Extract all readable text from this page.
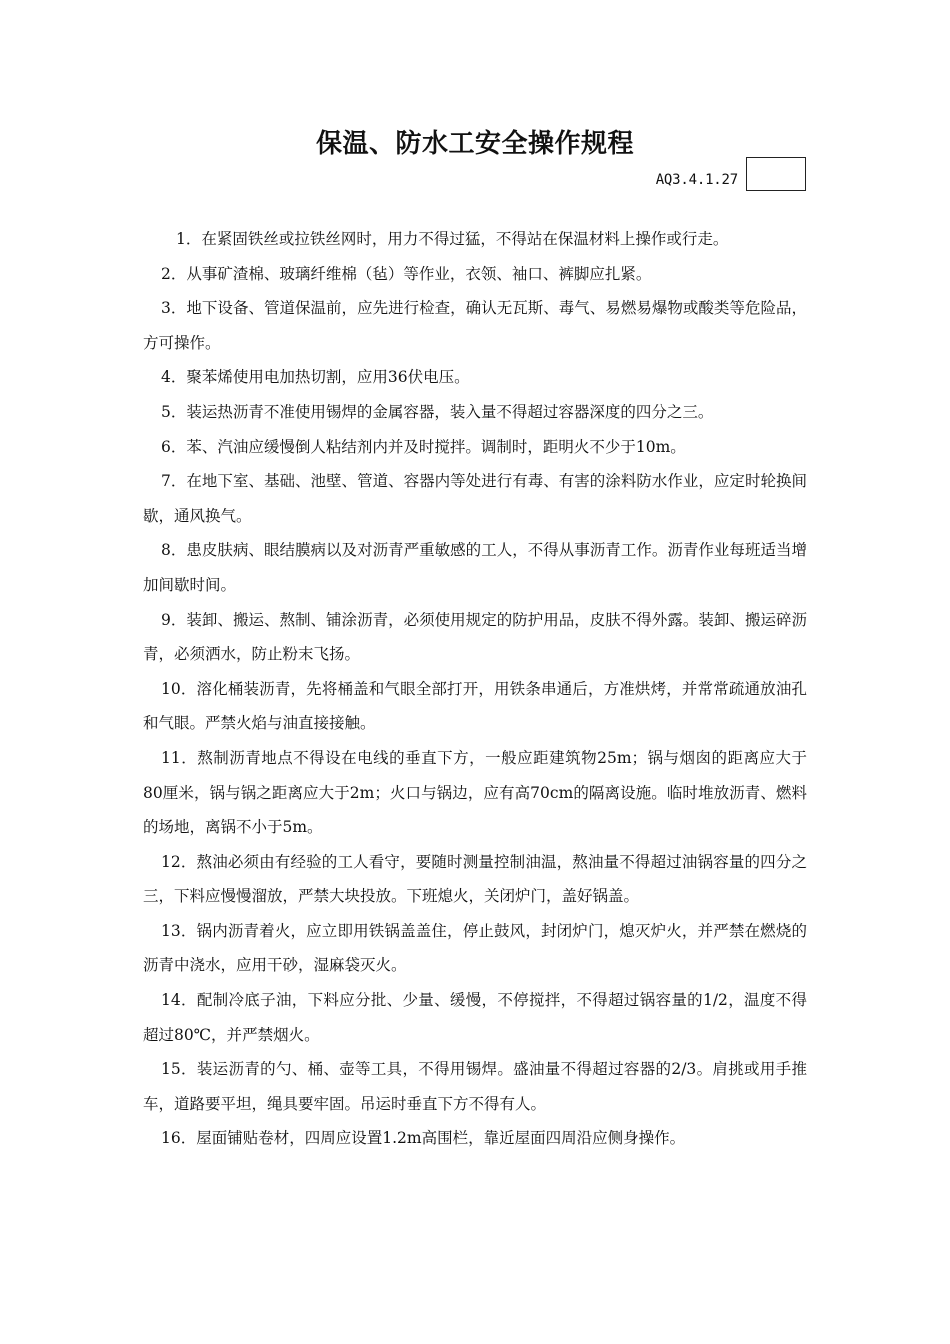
保温、防水工安全操作规程
AQ3.4.1.27

1．在紧固铁丝或拉铁丝网时，用力不得过猛，不得站在保温材料上操作或行走。

2．从事矿渣棉、玻璃纤维棉（毡）等作业，衣领、袖口、裤脚应扎紧。

3．地下设备、管道保温前，应先进行检查，确认无瓦斯、毒气、易燃易爆物或酸类等危险品，方可操作。

4．聚苯烯使用电加热切割，应用36伏电压。

5．装运热沥青不准使用锡焊的金属容器，装入量不得超过容器深度的四分之三。

6．苯、汽油应缓慢倒人粘结剂内并及时搅拌。调制时，距明火不少于10m。

7．在地下室、基础、池壁、管道、容器内等处进行有毒、有害的涂料防水作业，应定时轮换间歇，通风换气。

8．患皮肤病、眼结膜病以及对沥青严重敏感的工人，不得从事沥青工作。沥青作业每班适当增加间歇时间。

9．装卸、搬运、熬制、铺涂沥青，必须使用规定的防护用品，皮肤不得外露。装卸、搬运碎沥青，必须洒水，防止粉末飞扬。

10．溶化桶装沥青，先将桶盖和气眼全部打开，用铁条串通后，方准烘烤，并常常疏通放油孔和气眼。严禁火焰与油直接接触。

11．熬制沥青地点不得设在电线的垂直下方，一般应距建筑物25m；锅与烟囱的距离应大于80厘米，锅与锅之距离应大于2m；火口与锅边，应有高70cm的隔离设施。临时堆放沥青、燃料的场地，离锅不小于5m。

12．熬油必须由有经验的工人看守，要随时测量控制油温，熬油量不得超过油锅容量的四分之三，下料应慢慢溜放，严禁大块投放。下班熄火，关闭炉门，盖好锅盖。

13．锅内沥青着火，应立即用铁锅盖盖住，停止鼓风，封闭炉门，熄灭炉火，并严禁在燃烧的沥青中浇水，应用干砂，湿麻袋灭火。

14．配制冷底子油，下料应分批、少量、缓慢，不停搅拌，不得超过锅容量的1/2，温度不得超过80℃，并严禁烟火。

15．装运沥青的勺、桶、壶等工具，不得用锡焊。盛油量不得超过容器的2/3。肩挑或用手推车，道路要平坦，绳具要牢固。吊运时垂直下方不得有人。

16．屋面铺贴卷材，四周应设置1.2m高围栏，靠近屋面四周沿应侧身操作。
